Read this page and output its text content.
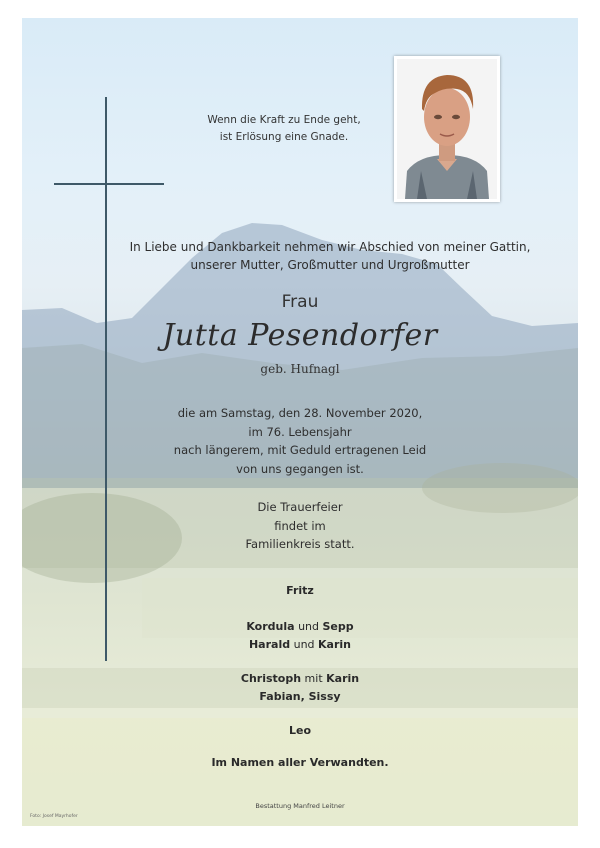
Wenn die Kraft zu Ende geht,
ist Erlösung eine Gnade.
In Liebe und Dankbarkeit nehmen wir Abschied von meiner Gattin,
unserer Mutter, Großmutter und Urgroßmutter
Frau
Jutta Pesendorfer
geb. Hufnagl
die am Samstag, den 28. November 2020,
im 76. Lebensjahr
nach längerem, mit Geduld ertragenen Leid
von uns gegangen ist.
Die Trauerfeier
findet im
Familienkreis statt.
Fritz
Kordula und Sepp
Harald und Karin
Christoph mit Karin
Fabian, Sissy
Leo
Im Namen aller Verwandten.
Bestattung Manfred Leitner
Foto: Josef Mayrhofer
